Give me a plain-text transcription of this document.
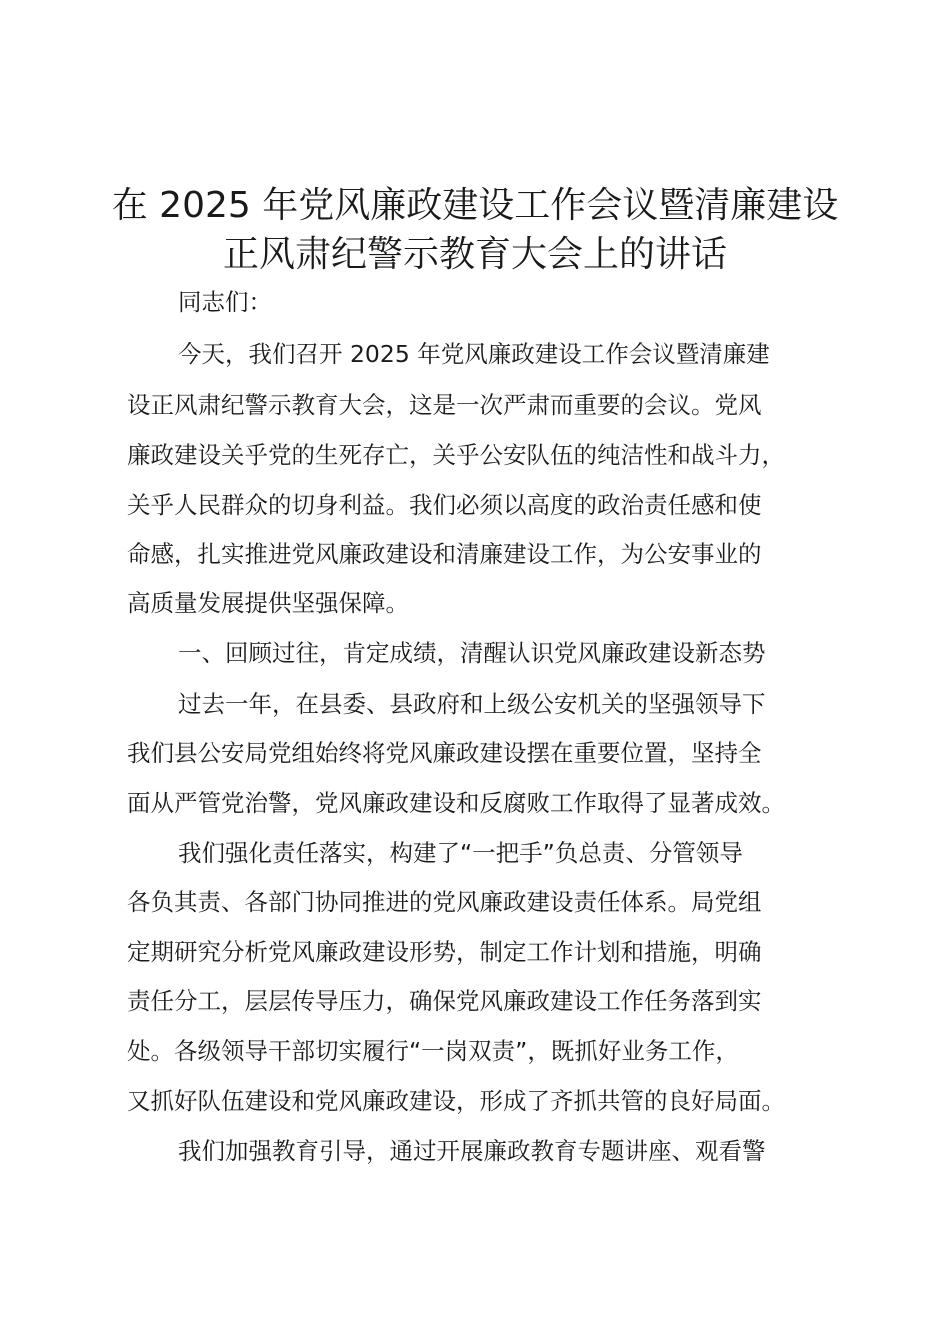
在 2025 年党风廉政建设工作会议暨清廉建设
正风肃纪警示教育大会上的讲话

同志们：

今天，我们召开 2025 年党风廉政建设工作会议暨清廉建

设正风肃纪警示教育大会，这是一次严肃而重要的会议。党风

廉政建设关乎党的生死存亡，关乎公安队伍的纯洁性和战斗力，

关乎人民群众的切身利益。我们必须以高度的政治责任感和使

命感，扎实推进党风廉政建设和清廉建设工作，为公安事业的

高质量发展提供坚强保障。

一、回顾过往，肯定成绩，清醒认识党风廉政建设新态势

过去一年，在县委、县政府和上级公安机关的坚强领导下

我们县公安局党组始终将党风廉政建设摆在重要位置，坚持全

面从严管党治警，党风廉政建设和反腐败工作取得了显著成效。

我们强化责任落实，构建了“一把手”负总责、分管领导

各负其责、各部门协同推进的党风廉政建设责任体系。局党组

定期研究分析党风廉政建设形势，制定工作计划和措施，明确

责任分工，层层传导压力，确保党风廉政建设工作任务落到实

处。各级领导干部切实履行“一岗双责”，既抓好业务工作，

又抓好队伍建设和党风廉政建设，形成了齐抓共管的良好局面。

我们加强教育引导，通过开展廉政教育专题讲座、观看警
